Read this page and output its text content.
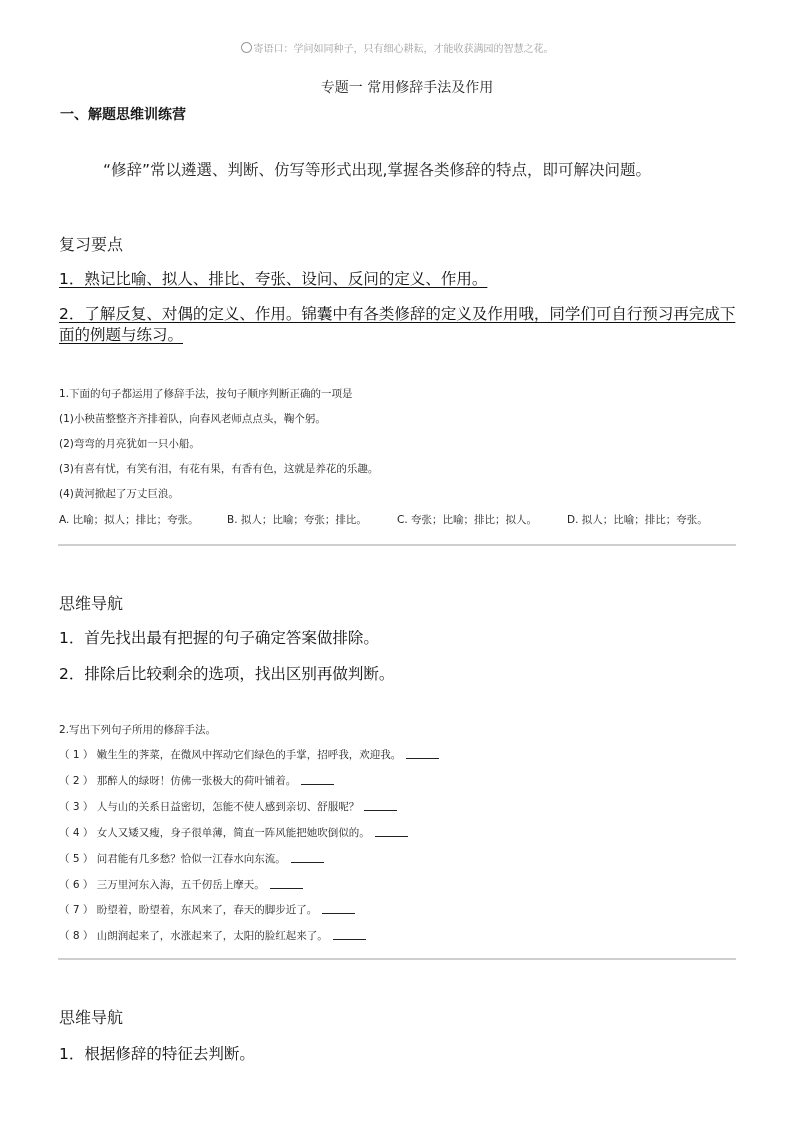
寄语口：学问如同种子，只有细心耕耘，才能收获满园的智慧之花。
专题一 常用修辞手法及作用
一、解题思维训练营
“修辞”常以遴選、判断、仿写等形式出现,掌握各类修辞的特点，即可解决问题。
复习要点
1．熟记比喻、拟人、排比、夸张、设问、反问的定义、作用。
2．了解反复、对偶的定义、作用。锦囊中有各类修辞的定义及作用哦，同学们可自行预习再完成下面的例题与练习。
1.下面的句子都运用了修辞手法，按句子顺序判断正确的一项是
(1)小秧苗整整齐齐排着队，向春风老师点点头，鞠个躬。
(2)弯弯的月亮犹如一只小船。
(3)有喜有忧，有笑有泪，有花有果，有香有色，这就是养花的乐趣。
(4)黄河掀起了万丈巨浪。
A. 比喻；拟人；排比；夸张。	B. 拟人；比喻；夸张；排比。	C. 夸张；比喻；排比；拟人。	D. 拟人；比喻；排比；夸张。
思维导航
1．首先找出最有把握的句子确定答案做排除。
2．排除后比较剩余的选项，找出区别再做判断。
2.写出下列句子所用的修辞手法。
（ 1 ） 嫩生生的荠菜，在微风中挥动它们绿色的手掌，招呼我，欢迎我。
（ 2 ） 那醉人的绿呀！仿佛一张极大的荷叶铺着。
（ 3 ） 人与山的关系日益密切，怎能不使人感到亲切、舒服呢？
（ 4 ） 女人又矮又瘦，身子很单薄，简直一阵风能把她吹倒似的。
（ 5 ） 问君能有几多愁？恰似一江春水向东流。
（ 6 ） 三万里河东入海，五千仞岳上摩天。
（ 7 ） 盼望着，盼望着，东风来了，春天的脚步近了。
（ 8 ） 山朗润起来了，水涨起来了，太阳的脸红起来了。
思维导航
1．根据修辞的特征去判断。
